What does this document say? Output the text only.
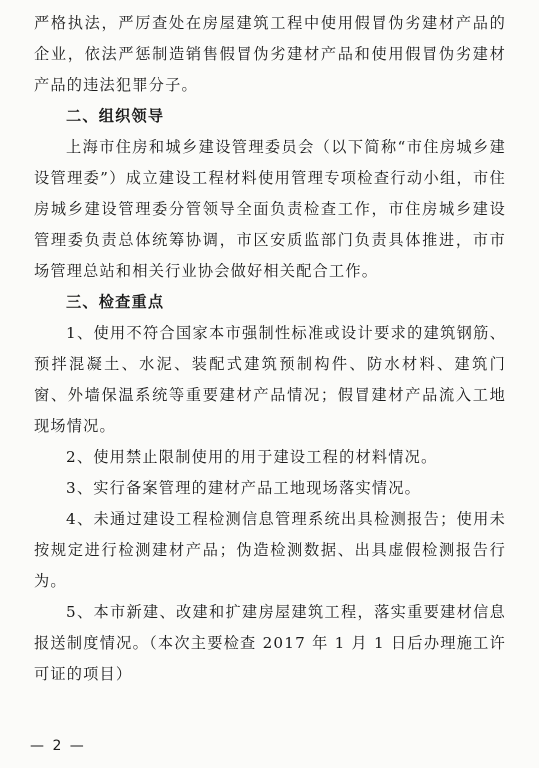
严格执法，严厉查处在房屋建筑工程中使用假冒伪劣建材产品的企业，依法严惩制造销售假冒伪劣建材产品和使用假冒伪劣建材产品的违法犯罪分子。

二、组织领导

上海市住房和城乡建设管理委员会（以下简称“市住房城乡建设管理委”）成立建设工程材料使用管理专项检查行动小组，市住房城乡建设管理委分管领导全面负责检查工作，市住房城乡建设管理委负责总体统筹协调，市区安质监部门负责具体推进，市市场管理总站和相关行业协会做好相关配合工作。

三、检查重点

1、使用不符合国家本市强制性标准或设计要求的建筑钢筋、预拌混凝土、水泥、装配式建筑预制构件、防水材料、建筑门窗、外墙保温系统等重要建材产品情况；假冒建材产品流入工地现场情况。

2、使用禁止限制使用的用于建设工程的材料情况。

3、实行备案管理的建材产品工地现场落实情况。

4、未通过建设工程检测信息管理系统出具检测报告；使用未按规定进行检测建材产品；伪造检测数据、出具虚假检测报告行为。

5、本市新建、改建和扩建房屋建筑工程，落实重要建材信息报送制度情况。（本次主要检查 2017 年 1 月 1 日后办理施工许可证的项目）

— 2 —
